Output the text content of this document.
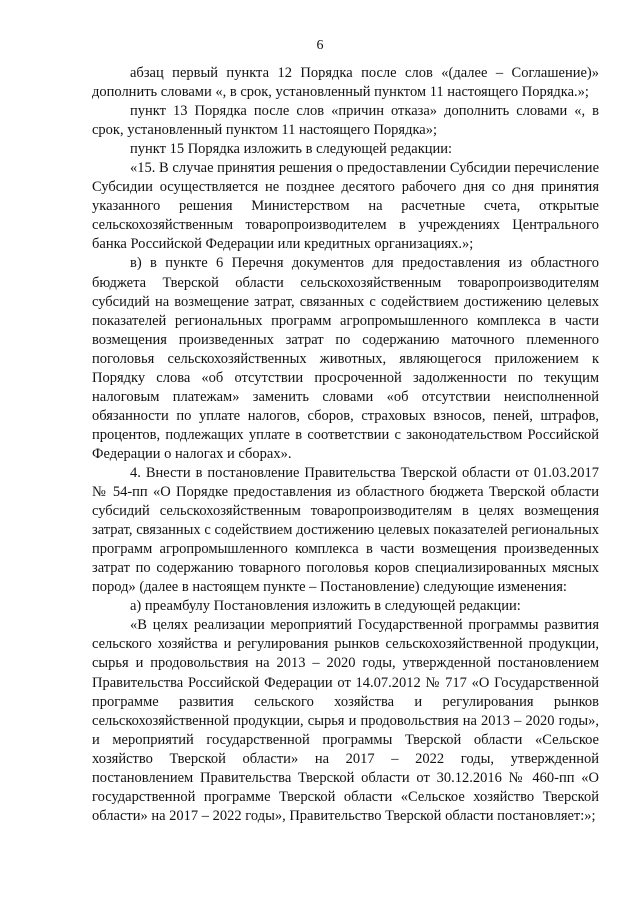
6

абзац первый пункта 12 Порядка после слов «(далее – Соглашение)» дополнить словами «, в срок, установленный пунктом 11 настоящего Порядка.»;

пункт 13 Порядка после слов «причин отказа» дополнить словами «, в срок, установленный пунктом 11 настоящего Порядка»;

пункт 15 Порядка изложить в следующей редакции:

«15. В случае принятия решения о предоставлении Субсидии перечисление Субсидии осуществляется не позднее десятого рабочего дня со дня принятия указанного решения Министерством на расчетные счета, открытые сельскохозяйственным товаропроизводителем в учреждениях Центрального банка Российской Федерации или кредитных организациях.»;

в) в пункте 6 Перечня документов для предоставления из областного бюджета Тверской области сельскохозяйственным товаропроизводителям субсидий на возмещение затрат, связанных с содействием достижению целевых показателей региональных программ агропромышленного комплекса в части возмещения произведенных затрат по содержанию маточного племенного поголовья сельскохозяйственных животных, являющегося приложением к Порядку слова «об отсутствии просроченной задолженности по текущим налоговым платежам» заменить словами «об отсутствии неисполненной обязанности по уплате налогов, сборов, страховых взносов, пеней, штрафов, процентов, подлежащих уплате в соответствии с законодательством Российской Федерации о налогах и сборах».

4. Внести в постановление Правительства Тверской области от 01.03.2017 № 54-пп «О Порядке предоставления из областного бюджета Тверской области субсидий сельскохозяйственным товаропроизводителям в целях возмещения затрат, связанных с содействием достижению целевых показателей региональных программ агропромышленного комплекса в части возмещения произведенных затрат по содержанию товарного поголовья коров специализированных мясных пород» (далее в настоящем пункте – Постановление) следующие изменения:

а) преамбулу Постановления изложить в следующей редакции:

«В целях реализации мероприятий Государственной программы развития сельского хозяйства и регулирования рынков сельскохозяйственной продукции, сырья и продовольствия на 2013 – 2020 годы, утвержденной постановлением Правительства Российской Федерации от 14.07.2012 № 717 «О Государственной программе развития сельского хозяйства и регулирования рынков сельскохозяйственной продукции, сырья и продовольствия на 2013 – 2020 годы», и мероприятий государственной программы Тверской области «Сельское хозяйство Тверской области» на 2017 – 2022 годы, утвержденной постановлением Правительства Тверской области от 30.12.2016 № 460-пп «О государственной программе Тверской области «Сельское хозяйство Тверской области» на 2017 – 2022 годы», Правительство Тверской области постановляет:»;
